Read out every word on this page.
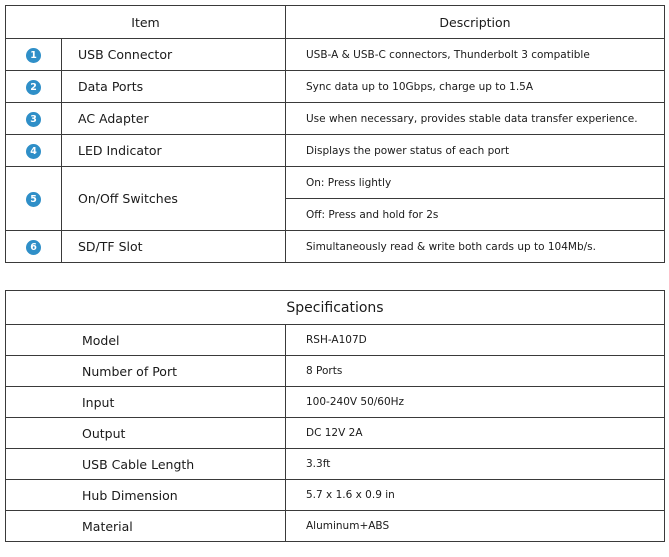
Item		Description
1	USB Connector	USB-A & USB-C connectors, Thunderbolt 3 compatible
2	Data Ports	Sync data up to 10Gbps, charge up to 1.5A
3	AC Adapter	Use when necessary, provides stable data transfer experience.
4	LED Indicator	Displays the power status of each port
5	On/Off Switches	On: Press lightly
		Off: Press and hold for 2s
6	SD/TF Slot	Simultaneously read & write both cards up to 104Mb/s.
Specifications	
Model	RSH-A107D
Number of Port	8 Ports
Input	100-240V 50/60Hz
Output	DC 12V 2A
USB Cable Length	3.3ft
Hub Dimension	5.7 x 1.6 x 0.9 in
Material	Aluminum+ABS
